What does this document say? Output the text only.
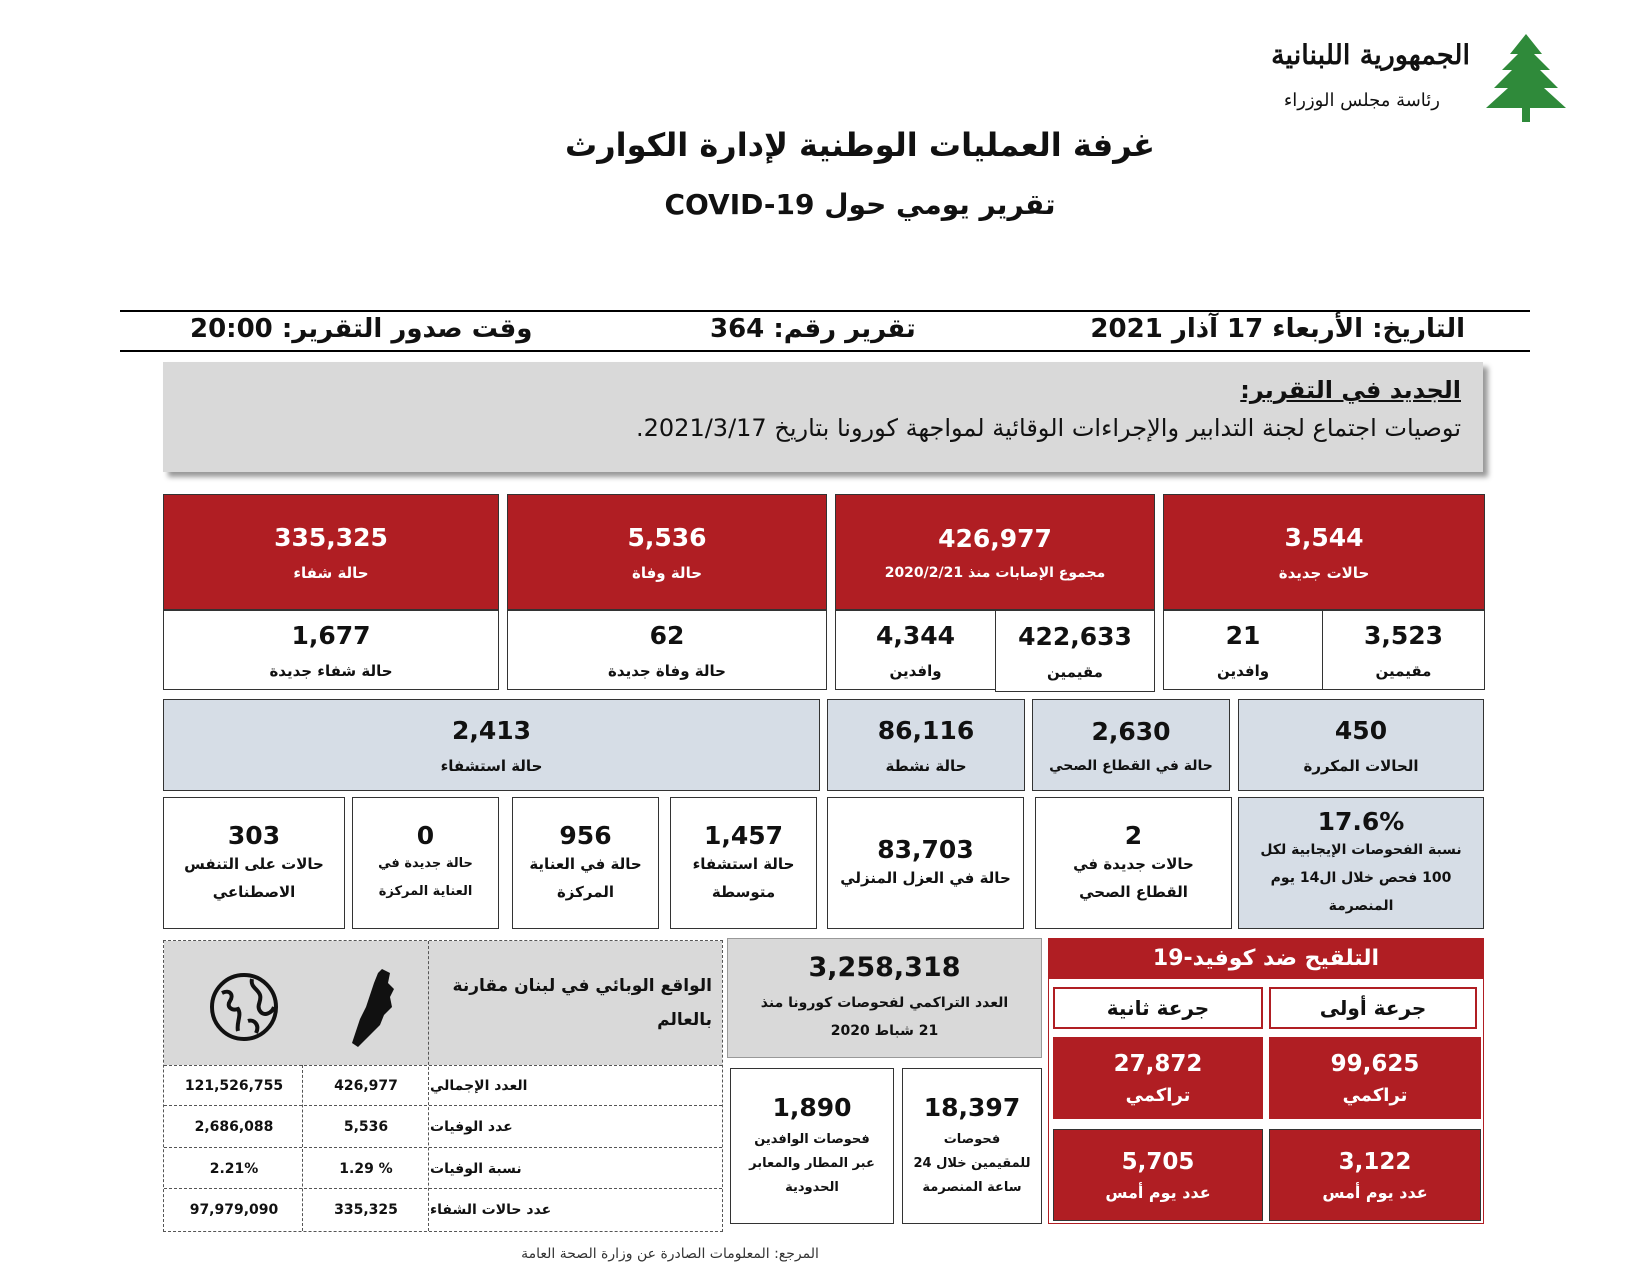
الجمهورية اللبنانية
رئاسة مجلس الوزراء
غرفة العمليات الوطنية لإدارة الكوارث
تقرير يومي حول COVID-19
التاريخ: الأربعاء 17 آذار 2021
تقرير رقم: 364
وقت صدور التقرير: 20:00
الجديد في التقرير:
توصيات اجتماع لجنة التدابير والإجراءات الوقائية لمواجهة كورونا بتاريخ 2021/3/17.
3,544
حالات جديدة
3,523
مقيمين
21
وافدين
426,977
مجموع الإصابات منذ 2020/2/21
422,633
مقيمين
4,344
وافدين
5,536
حالة وفاة
62
حالة وفاة جديدة
335,325
حالة شفاء
1,677
حالة شفاء جديدة
450
الحالات المكررة
2,630
حالة في القطاع الصحي
86,116
حالة نشطة
2,413
حالة استشفاء
17.6%
نسبة الفحوصات الإيجابية لكل 100 فحص خلال ال14 يوم المنصرمة
2
حالات جديدة في القطاع الصحي
83,703
حالة في العزل المنزلي
1,457
حالة استشفاء متوسطة
956
حالة في العناية المركزة
0
حالة جديدة في العناية المركزة
303
حالات على التنفس الاصطناعي
التلقيح ضد كوفيد-19
جرعة أولى
جرعة ثانية
99,625
تراكمي
27,872
تراكمي
3,122
عدد يوم أمس
5,705
عدد يوم أمس
3,258,318
العدد التراكمي لفحوصات كورونا منذ 21 شباط 2020
18,397
فحوصات للمقيمين خلال 24 ساعة المنصرمة
1,890
فحوصات الوافدين عبر المطار والمعابر الحدودية
الواقع الوبائي في لبنان مقارنة بالعالم
العدد الإجمالي
426,977
121,526,755
عدد الوفيات
5,536
2,686,088
نسبة الوفيات
1.29 %
2.21%
عدد حالات الشفاء
335,325
97,979,090
المرجع: المعلومات الصادرة عن وزارة الصحة العامة
